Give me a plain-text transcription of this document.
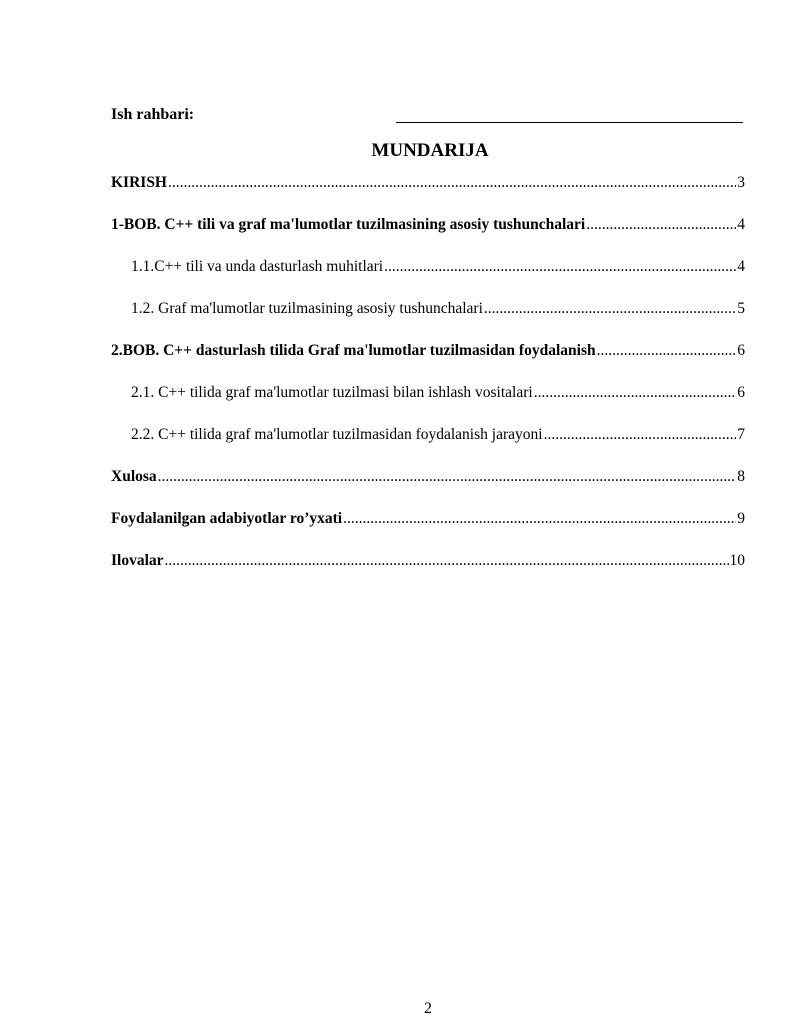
Ish rahbari:
MUNDARIJA
KIRISH .....	3
1-BOB. C++ tili va graf ma'lumotlar tuzilmasining asosiy tushunchalari .....	4
1.1.C++ tili va unda dasturlash muhitlari .....	4
1.2. Graf ma'lumotlar tuzilmasining asosiy tushunchalari .....	5
2.BOB. C++ dasturlash tilida Graf ma'lumotlar tuzilmasidan foydalanish .....	6
2.1. C++ tilida graf ma'lumotlar tuzilmasi bilan ishlash vositalari .....	6
2.2. C++ tilida graf ma'lumotlar tuzilmasidan foydalanish jarayoni .....	7
Xulosa .....	8
Foydalanilgan adabiyotlar ro’yxati .....	9
Ilovalar .....	10
2
